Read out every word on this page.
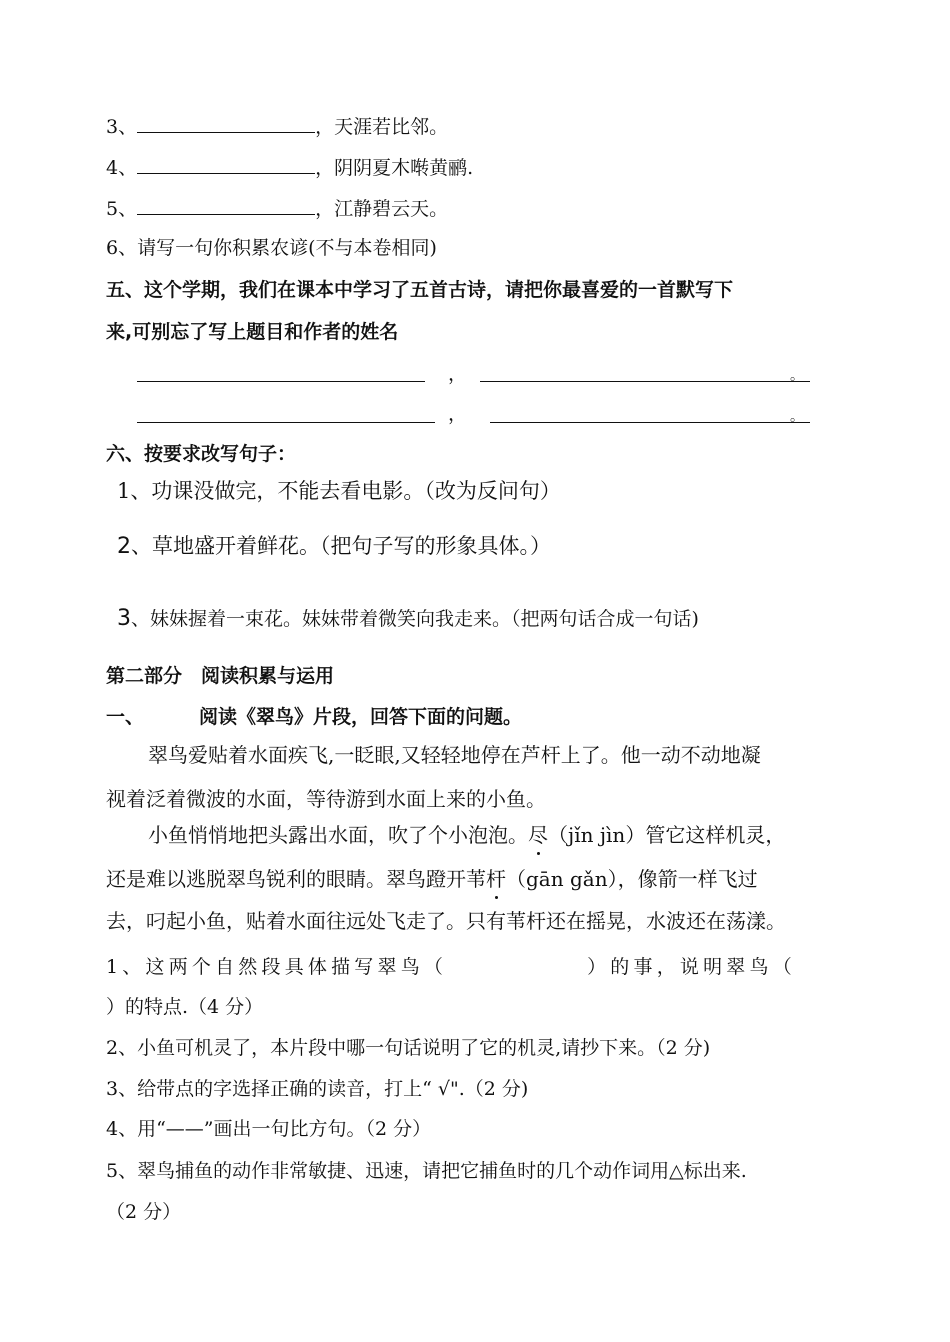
3、	，天涯若比邻。
4、	，阴阴夏木啭黄鹂.
5、	，江静碧云天。
6、请写一句你积累农谚(不与本卷相同)
五、这个学期，我们在课本中学习了五首古诗，请把你最喜爱的一首默写下
来,可别忘了写上题目和作者的姓名
，	。
，	。
六、按要求改写句子：
1、功课没做完，不能去看电影。（改为反问句）
2、草地盛开着鲜花。（把句子写的形象具体。）
3、妹妹握着一束花。妹妹带着微笑向我走来。（把两句话合成一句话)
第二部分　阅读积累与运用
一、	阅读《翠鸟》片段，回答下面的问题。
翠鸟爱贴着水面疾飞,一眨眼,又轻轻地停在芦杆上了。他一动不动地凝
视着泛着微波的水面，等待游到水面上来的小鱼。
小鱼悄悄地把头露出水面，吹了个小泡泡。尽（jǐn jìn）管它这样机灵，
还是难以逃脱翠鸟锐利的眼睛。翠鸟蹬开苇杆（gān gǎn），像箭一样飞过
去，叼起小鱼，贴着水面往远处飞走了。只有苇杆还在摇晃，水波还在荡漾。
1、这两个自然段具体描写翠鸟（	）的事，说明翠鸟（
）的特点.（4 分）
2、小鱼可机灵了，本片段中哪一句话说明了它的机灵,请抄下来。（2 分)
3、给带点的字选择正确的读音，打上“ √".（2 分)
4、用“——”画出一句比方句。（2 分）
5、翠鸟捕鱼的动作非常敏捷、迅速，请把它捕鱼时的几个动作词用△标出来.
（2 分）
